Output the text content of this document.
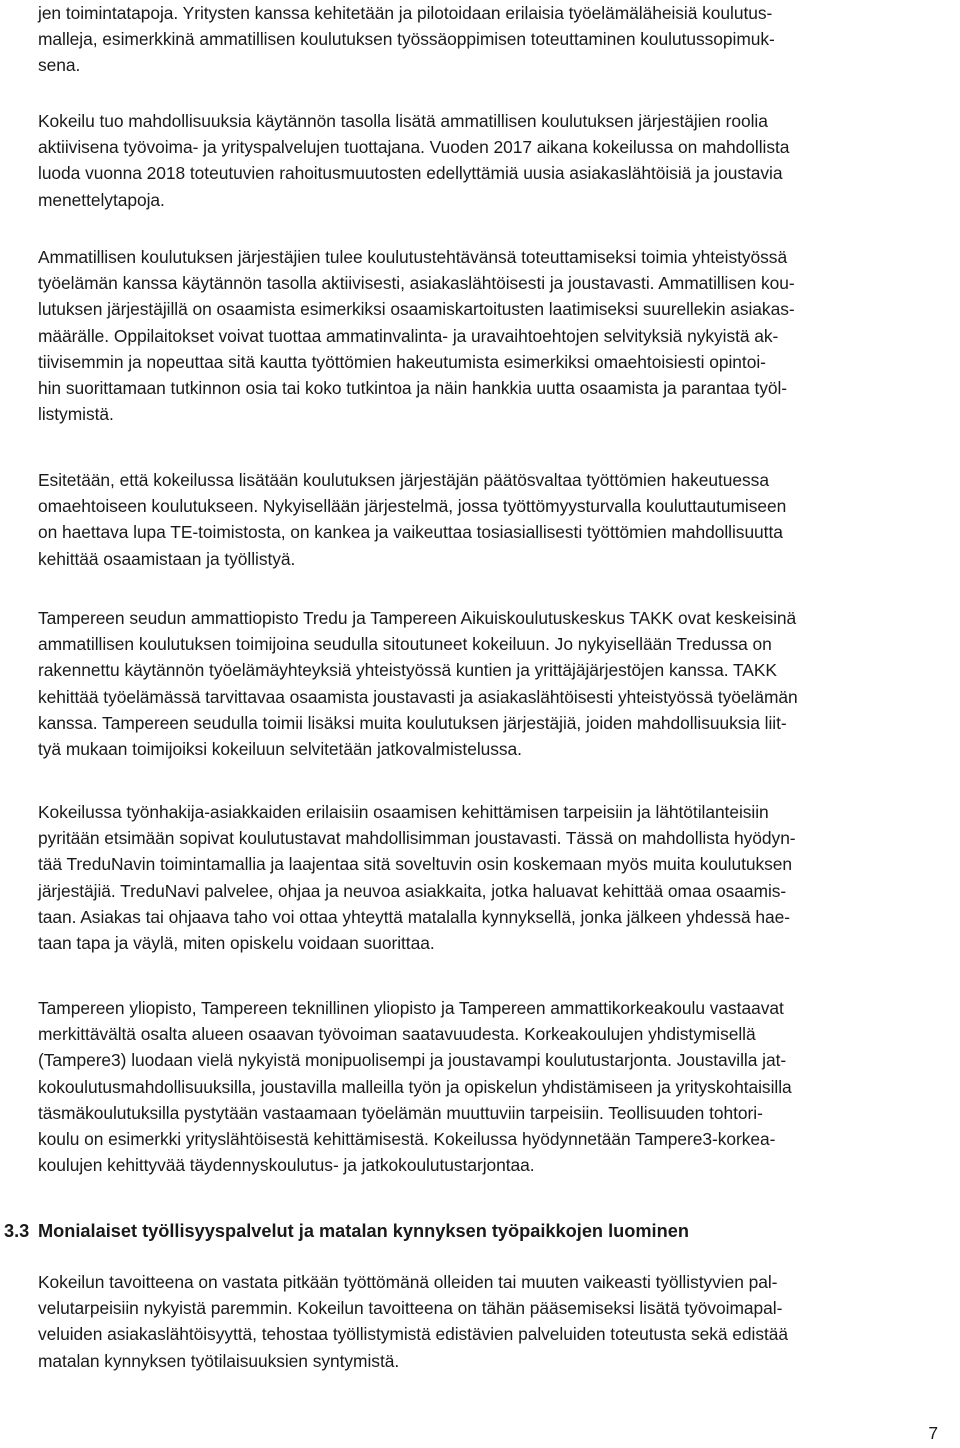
jen toimintatapoja. Yritysten kanssa kehitetään ja pilotoidaan erilaisia työelämäläheisiä koulutus-
malleja, esimerkkinä ammatillisen koulutuksen työssäoppimisen toteuttaminen koulutussopimuk-
sena.
Kokeilu tuo mahdollisuuksia käytännön tasolla lisätä ammatillisen koulutuksen järjestäjien roolia
aktiivisena työvoima- ja yrityspalvelujen tuottajana. Vuoden 2017 aikana kokeilussa on mahdollista
luoda vuonna 2018 toteutuvien rahoitusmuutosten edellyttämiä uusia asiakaslähtöisiä ja joustavia
menettelytapoja.
Ammatillisen koulutuksen järjestäjien tulee koulutustehtävänsä toteuttamiseksi toimia yhteistyössä
työelämän kanssa käytännön tasolla aktiivisesti, asiakaslähtöisesti ja joustavasti. Ammatillisen kou-
lutuksen järjestäjillä on osaamista esimerkiksi osaamiskartoitusten laatimiseksi suurellekin asiakas-
määrälle. Oppilaitokset voivat tuottaa ammatinvalinta- ja uravaihtoehtojen selvityksiä nykyistä ak-
tiivisemmin ja nopeuttaa sitä kautta työttömien hakeutumista esimerkiksi omaehtoisiesti opintoi-
hin suorittamaan tutkinnon osia tai koko tutkintoa ja näin hankkia uutta osaamista ja parantaa työl-
listymistä.
Esitetään, että kokeilussa lisätään koulutuksen järjestäjän päätösvaltaa työttömien hakeutuessa
omaehtoiseen koulutukseen. Nykyisellään järjestelmä, jossa työttömyysturvalla kouluttautumiseen
on haettava lupa TE-toimistosta, on kankea ja vaikeuttaa tosiasiallisesti työttömien mahdollisuutta
kehittää osaamistaan ja työllistyä.
Tampereen seudun ammattiopisto Tredu ja Tampereen Aikuiskoulutuskeskus TAKK ovat keskeisinä
ammatillisen koulutuksen toimijoina seudulla sitoutuneet kokeiluun. Jo nykyisellään Tredussa on
rakennettu käytännön työelämäyhteyksiä yhteistyössä kuntien ja yrittäjäjärjestöjen kanssa. TAKK
kehittää työelämässä tarvittavaa osaamista joustavasti ja asiakaslähtöisesti yhteistyössä työelämän
kanssa. Tampereen seudulla toimii lisäksi muita koulutuksen järjestäjiä, joiden mahdollisuuksia liit-
tyä mukaan toimijoiksi kokeiluun selvitetään jatkovalmistelussa.
Kokeilussa työnhakija-asiakkaiden erilaisiin osaamisen kehittämisen tarpeisiin ja lähtötilanteisiin
pyritään etsimään sopivat koulutustavat mahdollisimman joustavasti. Tässä on mahdollista hyödyn-
tää TreduNavin toimintamallia ja laajentaa sitä soveltuvin osin koskemaan myös muita koulutuksen
järjestäjiä. TreduNavi palvelee, ohjaa ja neuvoa asiakkaita, jotka haluavat kehittää omaa osaamis-
taan. Asiakas tai ohjaava taho voi ottaa yhteyttä matalalla kynnyksellä, jonka jälkeen yhdessä hae-
taan tapa ja väylä, miten opiskelu voidaan suorittaa.
Tampereen yliopisto, Tampereen teknillinen yliopisto ja Tampereen ammattikorkeakoulu vastaavat
merkittävältä osalta alueen osaavan työvoiman saatavuudesta. Korkeakoulujen yhdistymisellä
(Tampere3) luodaan vielä nykyistä monipuolisempi ja joustavampi koulutustarjonta. Joustavilla jat-
kokoulutusmahdollisuuksilla, joustavilla malleilla työn ja opiskelun yhdistämiseen ja yrityskohtaisilla
täsmäkoulutuksilla pystytään vastaamaan työelämän muuttuviin tarpeisiin. Teollisuuden tohtori-
koulu on esimerkki yrityslähtöisestä kehittämisestä. Kokeilussa hyödynnetään Tampere3-korkea-
koulujen kehittyvää täydennyskoulutus- ja jatkokoulutustarjontaa.
3.3 Monialaiset työllisyyspalvelut ja matalan kynnyksen työpaikkojen luominen
Kokeilun tavoitteena on vastata pitkään työttömänä olleiden tai muuten vaikeasti työllistyvien pal-
velutarpeisiin nykyistä paremmin. Kokeilun tavoitteena on tähän pääsemiseksi lisätä työvoimapal-
veluiden asiakaslähtöisyyttä, tehostaa työllistymistä edistävien palveluiden toteutusta sekä edistää
matalan kynnyksen työtilaisuuksien syntymistä.
7
